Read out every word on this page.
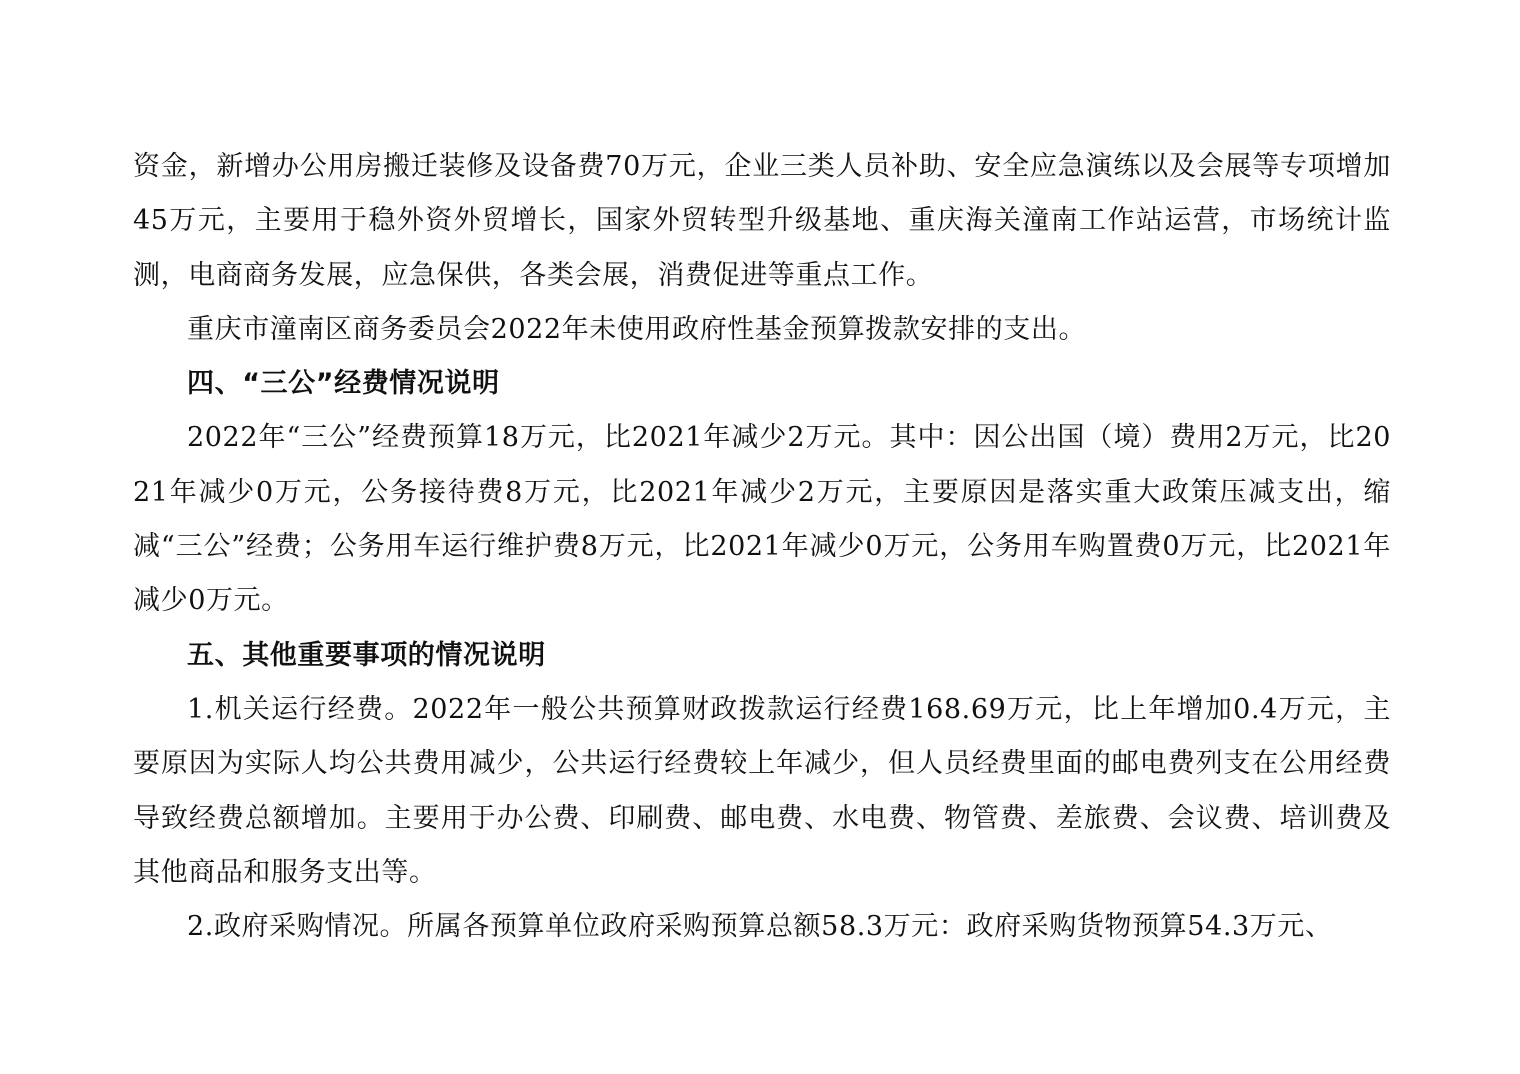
资金，新增办公用房搬迁装修及设备费70万元，企业三类人员补助、安全应急演练以及会展等专项增加45万元，主要用于稳外资外贸增长，国家外贸转型升级基地、重庆海关潼南工作站运营，市场统计监测，电商商务发展，应急保供，各类会展，消费促进等重点工作。

重庆市潼南区商务委员会2022年未使用政府性基金预算拨款安排的支出。

四、“三公”经费情况说明

2022年“三公”经费预算18万元，比2021年减少2万元。其中：因公出国（境）费用2万元，比2021年减少0万元，公务接待费8万元，比2021年减少2万元，主要原因是落实重大政策压减支出，缩减“三公”经费；公务用车运行维护费8万元，比2021年减少0万元，公务用车购置费0万元，比2021年减少0万元。

五、其他重要事项的情况说明

1.机关运行经费。2022年一般公共预算财政拨款运行经费168.69万元，比上年增加0.4万元，主要原因为实际人均公共费用减少，公共运行经费较上年减少，但人员经费里面的邮电费列支在公用经费导致经费总额增加。主要用于办公费、印刷费、邮电费、水电费、物管费、差旅费、会议费、培训费及其他商品和服务支出等。

2.政府采购情况。所属各预算单位政府采购预算总额58.3万元：政府采购货物预算54.3万元、
